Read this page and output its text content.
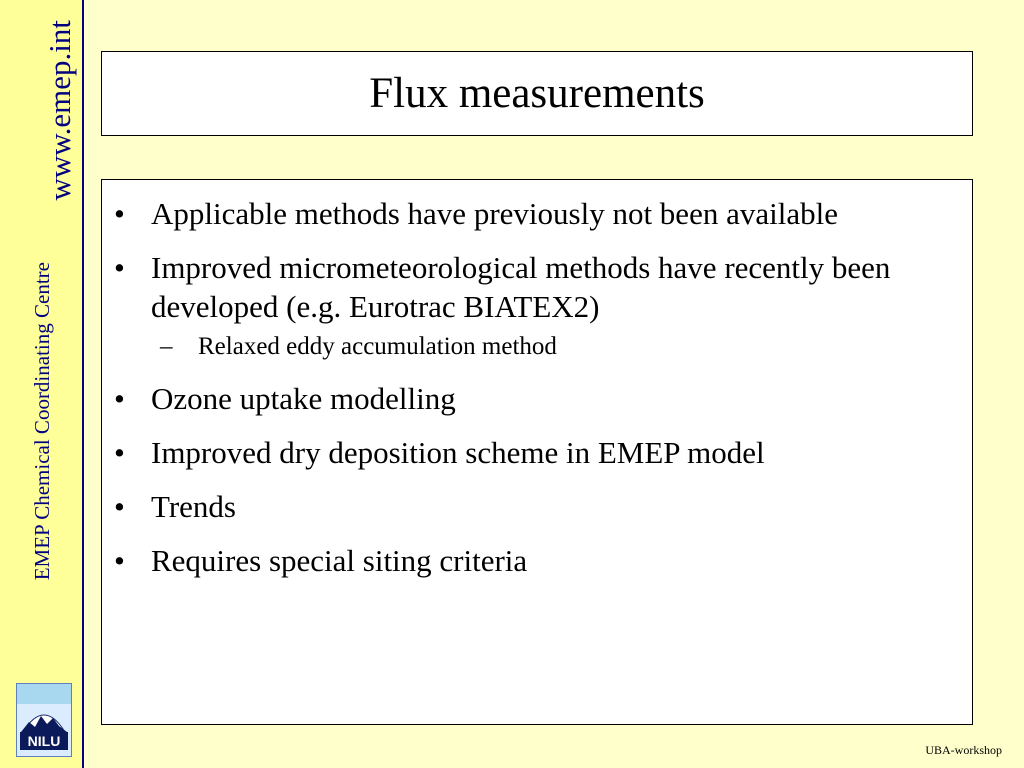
www.emep.int
EMEP Chemical Coordinating Centre
NILU
Flux measurements
• Applicable methods have previously not been available
• Improved micrometeorological methods have recently been developed (e.g. Eurotrac BIATEX2)
–	Relaxed eddy accumulation method
• Ozone uptake modelling
• Improved dry deposition scheme in EMEP model
• Trends
• Requires special siting criteria
UBA-workshop
